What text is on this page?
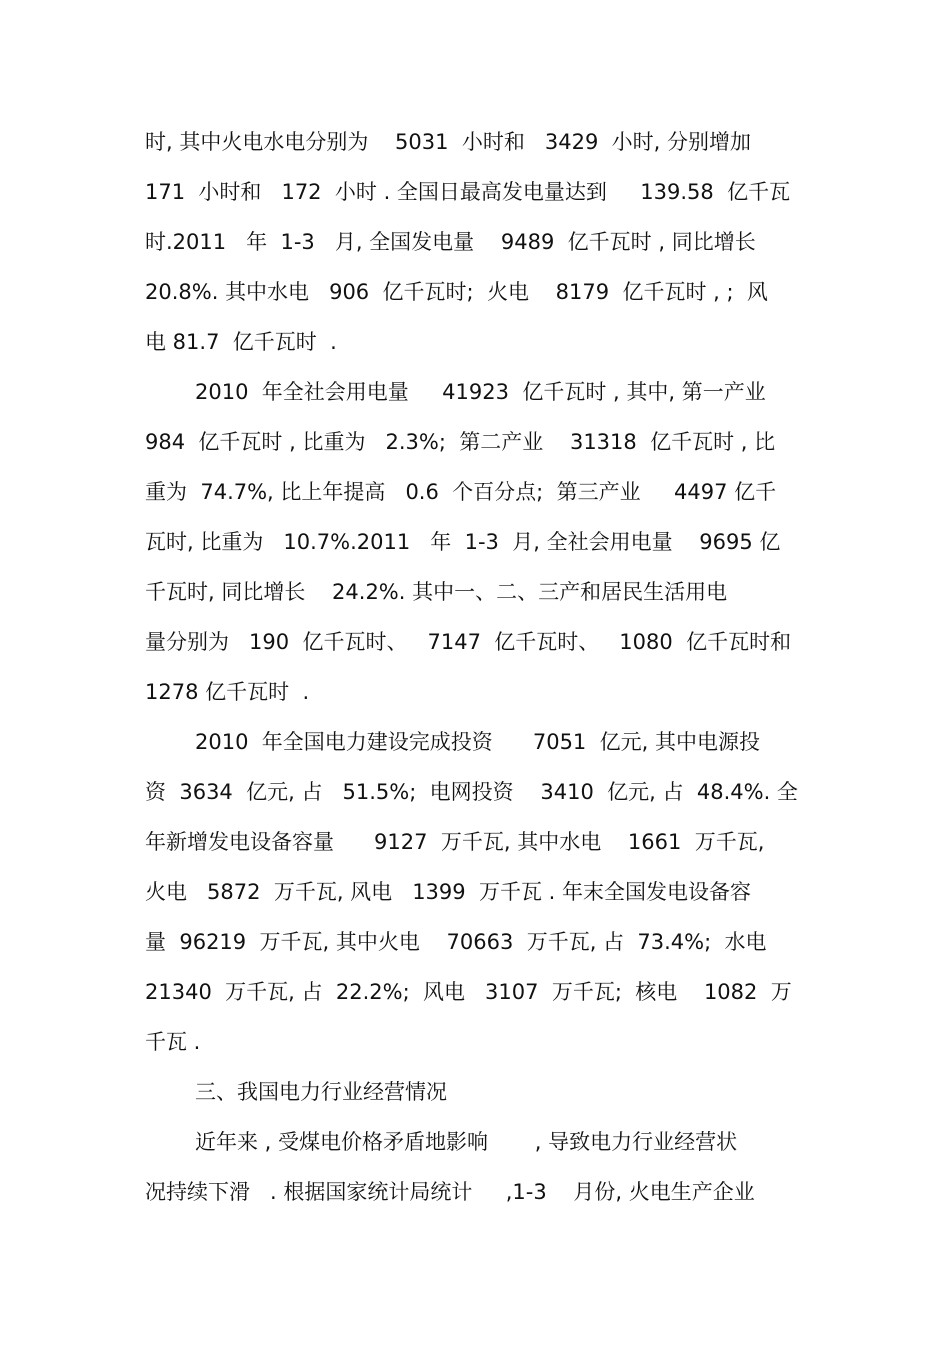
时, 其中火电水电分别为    5031  小时和   3429  小时, 分别增加
171  小时和   172  小时 . 全国日最高发电量达到     139.58  亿千瓦
时.2011   年  1-3   月, 全国发电量    9489  亿千瓦时 , 同比增长
20.8%. 其中水电   906  亿千瓦时;  火电    8179  亿千瓦时 , ;  风
电 81.7  亿千瓦时  .
2010  年全社会用电量     41923  亿千瓦时 , 其中, 第一产业
984  亿千瓦时 , 比重为   2.3%;  第二产业    31318  亿千瓦时 , 比
重为  74.7%, 比上年提高   0.6  个百分点;  第三产业     4497 亿千
瓦时, 比重为   10.7%.2011   年  1-3  月, 全社会用电量    9695 亿
千瓦时, 同比增长    24.2%. 其中一、二、三产和居民生活用电
量分别为   190  亿千瓦时、   7147  亿千瓦时、   1080  亿千瓦时和
1278 亿千瓦时  .
2010  年全国电力建设完成投资      7051  亿元, 其中电源投
资  3634  亿元, 占   51.5%;  电网投资    3410  亿元, 占  48.4%. 全
年新增发电设备容量      9127  万千瓦, 其中水电    1661  万千瓦,
火电   5872  万千瓦, 风电   1399  万千瓦 . 年末全国发电设备容
量  96219  万千瓦, 其中火电    70663  万千瓦, 占  73.4%;  水电
21340  万千瓦, 占  22.2%;  风电   3107  万千瓦;  核电    1082  万
千瓦 .
三、我国电力行业经营情况
近年来 , 受煤电价格矛盾地影响       , 导致电力行业经营状
况持续下滑   . 根据国家统计局统计     ,1-3    月份, 火电生产企业
